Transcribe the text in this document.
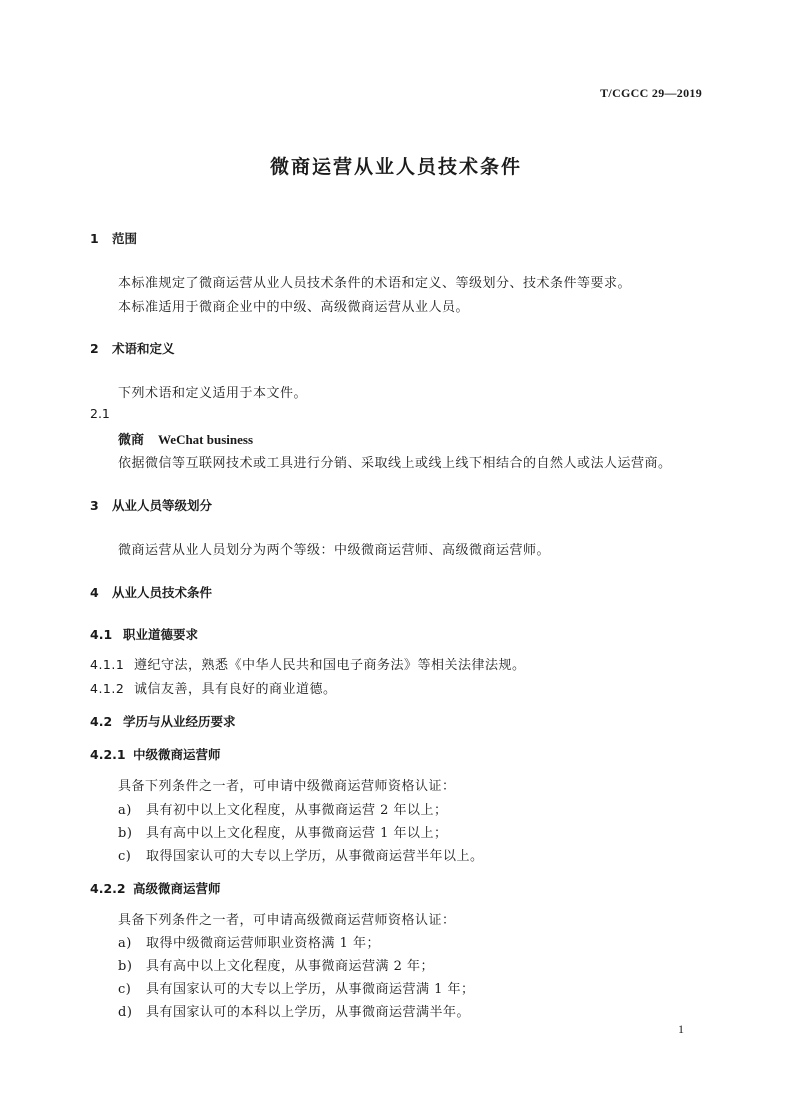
T/CGCC 29—2019
微商运营从业人员技术条件
1 范围
本标准规定了微商运营从业人员技术条件的术语和定义、等级划分、技术条件等要求。
本标准适用于微商企业中的中级、高级微商运营从业人员。
2 术语和定义
下列术语和定义适用于本文件。
2.1
微商 WeChat business
依据微信等互联网技术或工具进行分销、采取线上或线上线下相结合的自然人或法人运营商。
3 从业人员等级划分
微商运营从业人员划分为两个等级：中级微商运营师、高级微商运营师。
4 从业人员技术条件
4.1 职业道德要求
4.1.1 遵纪守法，熟悉《中华人民共和国电子商务法》等相关法律法规。
4.1.2 诚信友善，具有良好的商业道德。
4.2 学历与从业经历要求
4.2.1 中级微商运营师
具备下列条件之一者，可申请中级微商运营师资格认证：
a) 具有初中以上文化程度，从事微商运营 2 年以上；
b) 具有高中以上文化程度，从事微商运营 1 年以上；
c) 取得国家认可的大专以上学历，从事微商运营半年以上。
4.2.2 高级微商运营师
具备下列条件之一者，可申请高级微商运营师资格认证：
a) 取得中级微商运营师职业资格满 1 年；
b) 具有高中以上文化程度，从事微商运营满 2 年；
c) 具有国家认可的大专以上学历，从事微商运营满 1 年；
d) 具有国家认可的本科以上学历，从事微商运营满半年。
1
